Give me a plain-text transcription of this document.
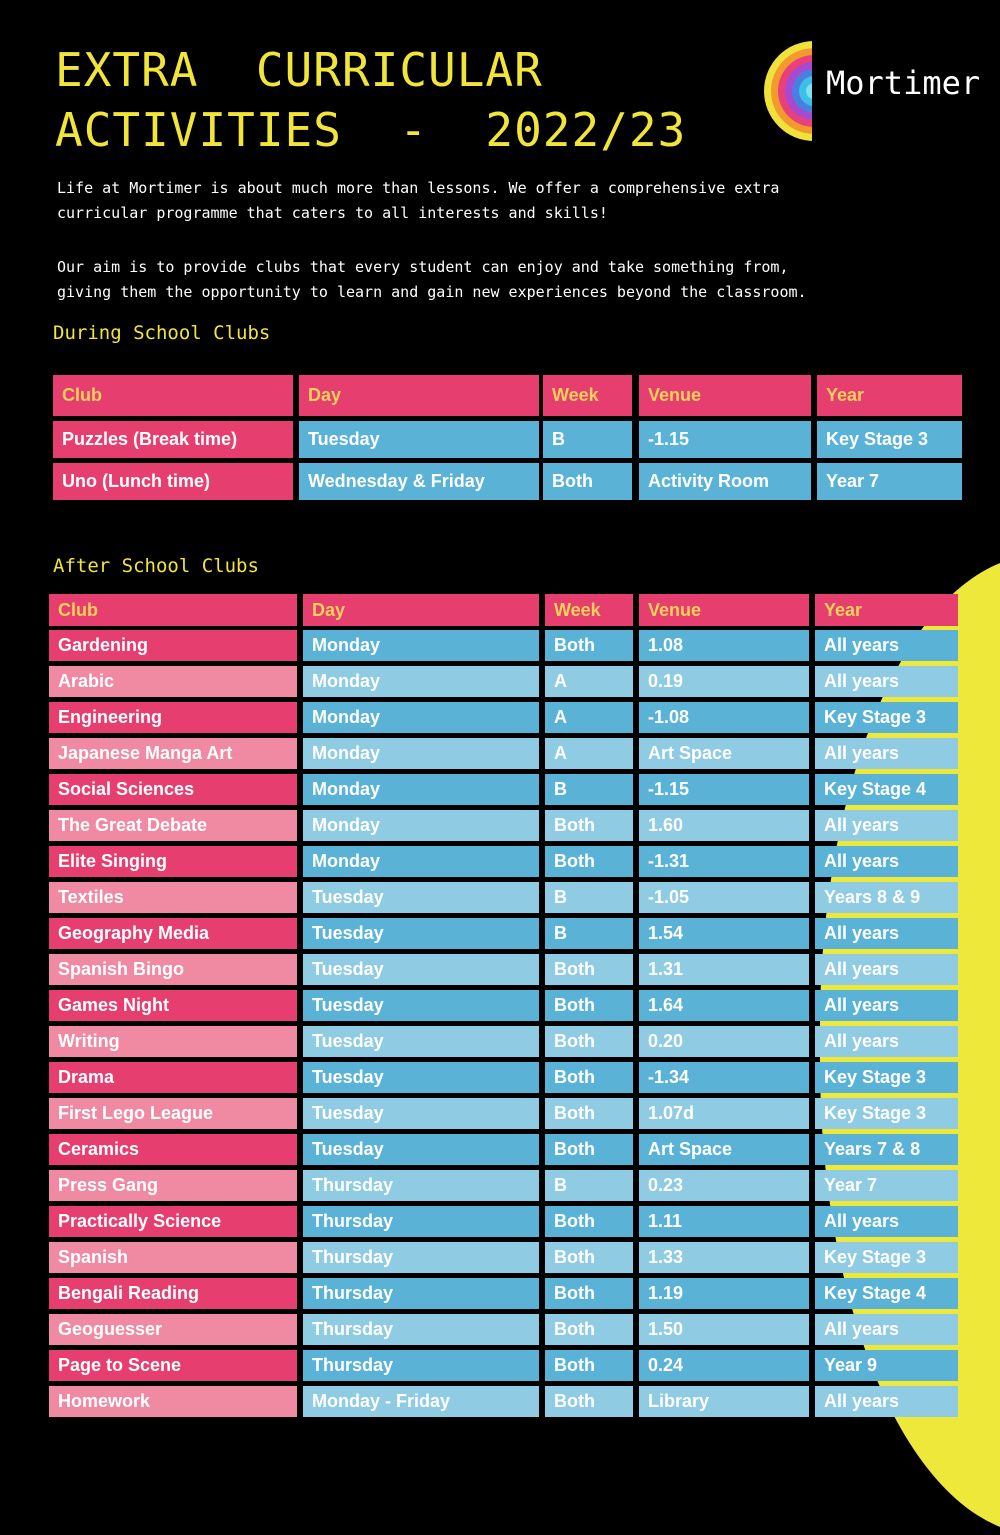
EXTRA  CURRICULAR
ACTIVITIES  -  2022/23
Mortimer
Life at Mortimer is about much more than lessons. We offer a comprehensive extra curricular programme that caters to all interests and skills!
Our aim is to provide clubs that every student can enjoy and take something from, giving them the opportunity to learn and gain new experiences beyond the classroom.
During School Clubs
After School Clubs
Club	Day	Week	Venue	Year
Puzzles (Break time)	Tuesday	B	-1.15	Key Stage 3
Uno (Lunch time)	Wednesday & Friday	Both	Activity Room	Year 7
Club	Day	Week	Venue	Year
Gardening	Monday	Both	1.08	All years
Arabic	Monday	A	0.19	All years
Engineering	Monday	A	-1.08	Key Stage 3
Japanese Manga Art	Monday	A	Art Space	All years
Social Sciences	Monday	B	-1.15	Key Stage 4
The Great Debate	Monday	Both	1.60	All years
Elite Singing	Monday	Both	-1.31	All years
Textiles	Tuesday	B	-1.05	Years 8 & 9
Geography Media	Tuesday	B	1.54	All years
Spanish Bingo	Tuesday	Both	1.31	All years
Games Night	Tuesday	Both	1.64	All years
Writing	Tuesday	Both	0.20	All years
Drama	Tuesday	Both	-1.34	Key Stage 3
First Lego League	Tuesday	Both	1.07d	Key Stage 3
Ceramics	Tuesday	Both	Art Space	Years 7 & 8
Press Gang	Thursday	B	0.23	Year 7
Practically Science	Thursday	Both	1.11	All years
Spanish	Thursday	Both	1.33	Key Stage 3
Bengali Reading	Thursday	Both	1.19	Key Stage 4
Geoguesser	Thursday	Both	1.50	All years
Page to Scene	Thursday	Both	0.24	Year 9
Homework	Monday - Friday	Both	Library	All years
